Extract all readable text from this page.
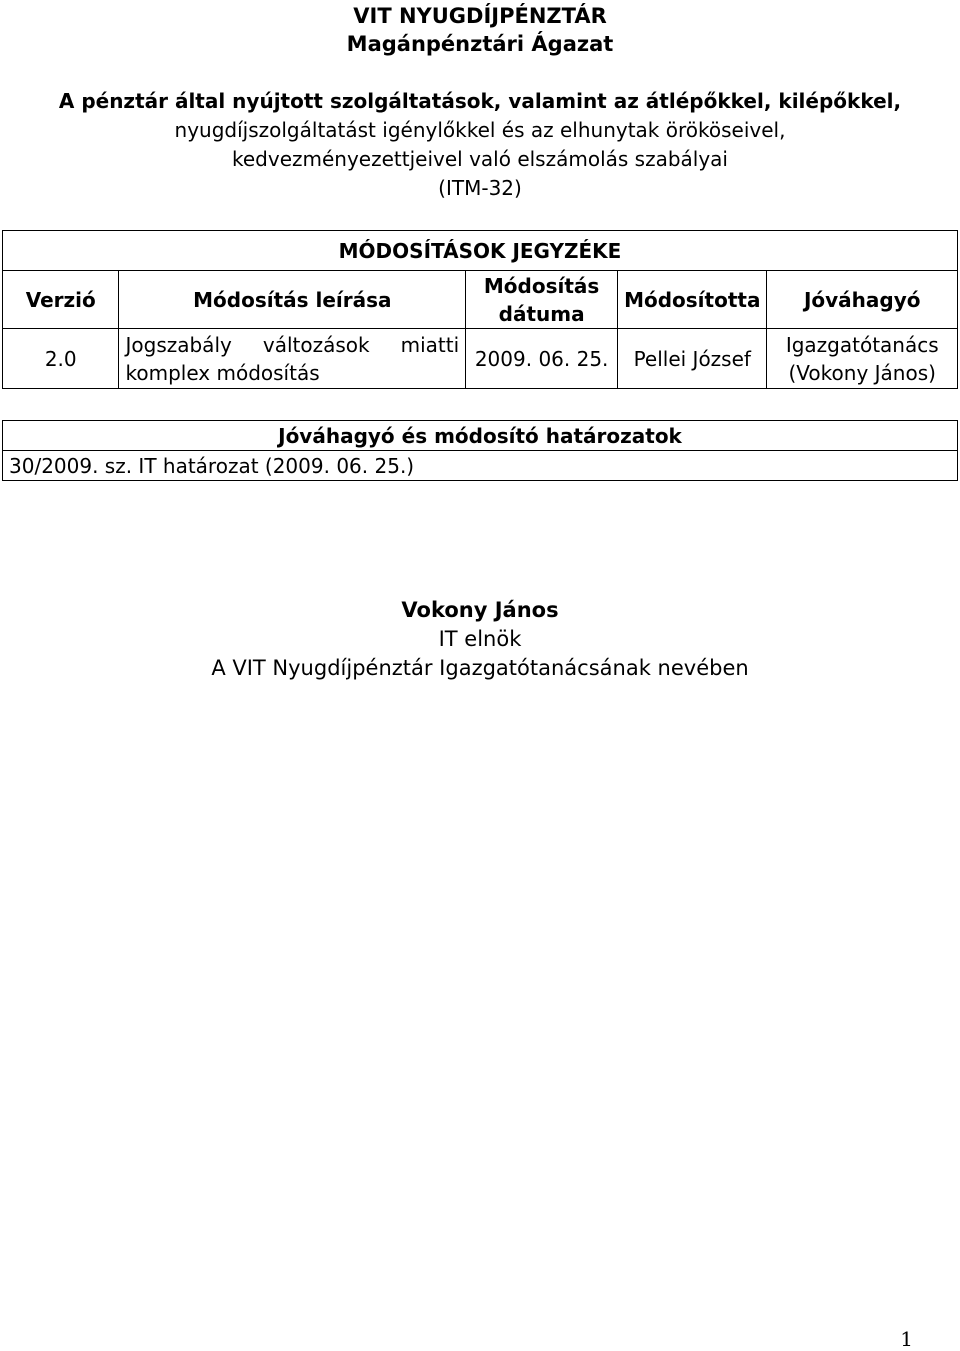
VIT NYUGDÍJPÉNZTÁR
Magánpénztári Ágazat
A pénztár által nyújtott szolgáltatások, valamint az átlépőkkel, kilépőkkel,
nyugdíjszolgáltatást igénylőkkel és az elhunytak örököseivel,
kedvezményezettjeivel való elszámolás szabályai
(ITM-32)
MÓDOSÍTÁSOK JEGYZÉKE				
Verzió	Módosítás leírása	Módosítás dátuma	Módosította	Jóváhagyó
2.0	Jogszabály változások miatti komplex módosítás	2009. 06. 25.	Pellei József	Igazgatótanács (Vokony János)
Jóváhagyó és módosító határozatok
30/2009. sz. IT határozat (2009. 06. 25.)
Vokony János
IT elnök
A VIT Nyugdíjpénztár Igazgatótanácsának nevében
1
